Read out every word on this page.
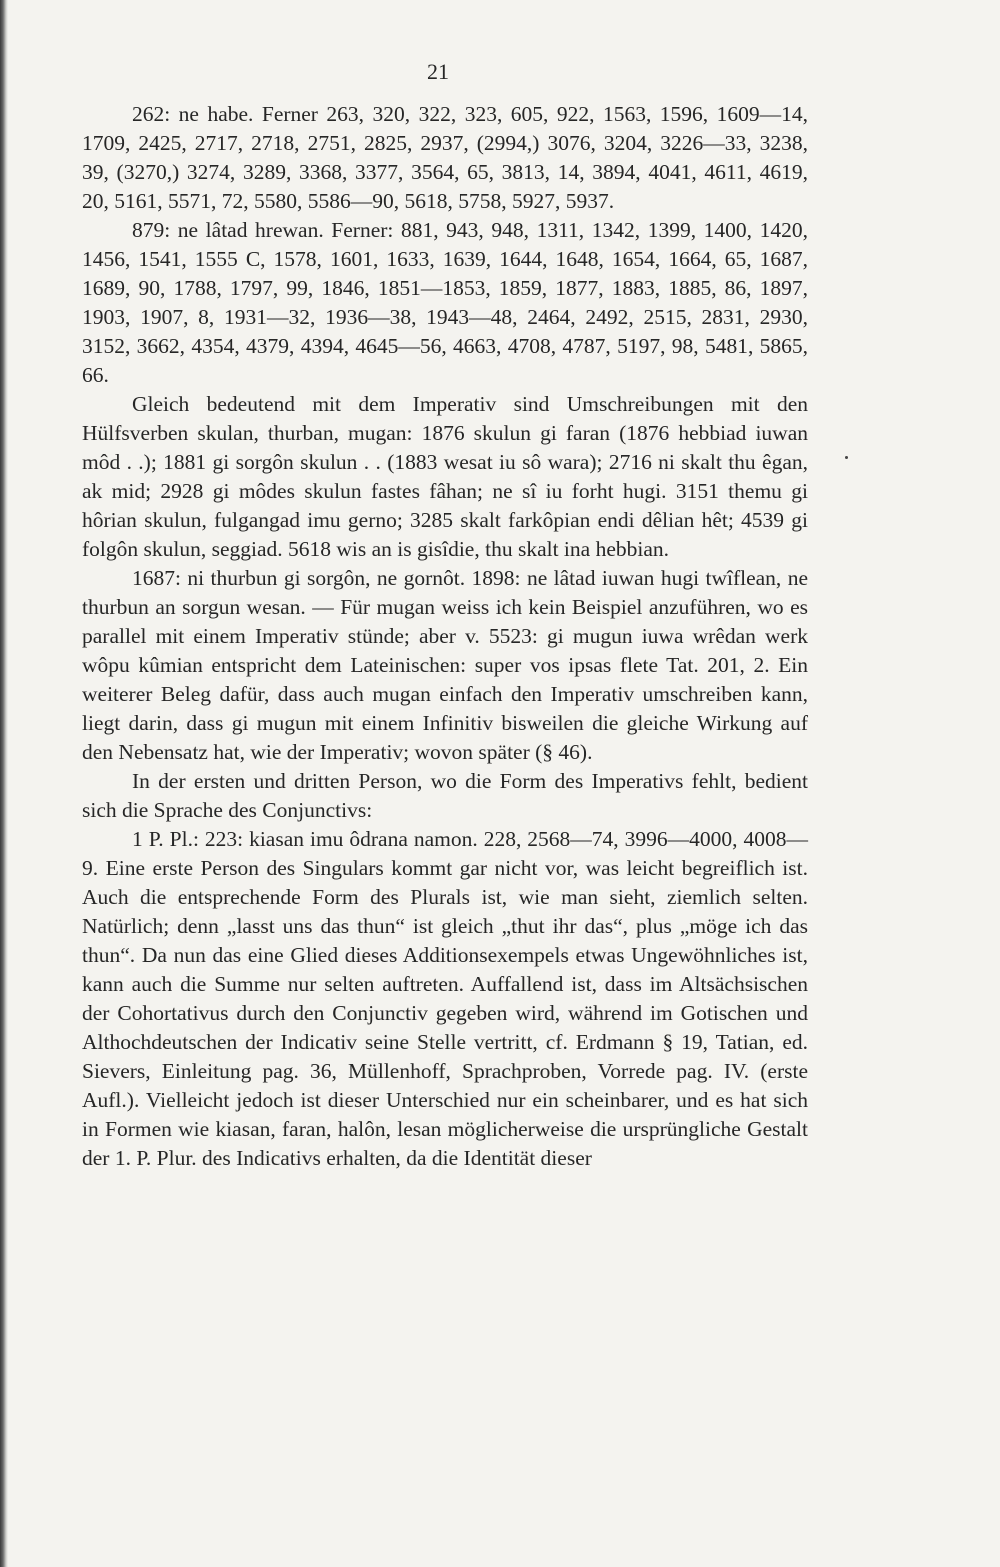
21

262: ne habe. Ferner 263, 320, 322, 323, 605, 922, 1563, 1596, 1609—14, 1709, 2425, 2717, 2718, 2751, 2825, 2937, (2994,) 3076, 3204, 3226—33, 3238, 39, (3270,) 3274, 3289, 3368, 3377, 3564, 65, 3813, 14, 3894, 4041, 4611, 4619, 20, 5161, 5571, 72, 5580, 5586—90, 5618, 5758, 5927, 5937.

879: ne lâtad hrewan. Ferner: 881, 943, 948, 1311, 1342, 1399, 1400, 1420, 1456, 1541, 1555 C, 1578, 1601, 1633, 1639, 1644, 1648, 1654, 1664, 65, 1687, 1689, 90, 1788, 1797, 99, 1846, 1851—1853, 1859, 1877, 1883, 1885, 86, 1897, 1903, 1907, 8, 1931—32, 1936—38, 1943—48, 2464, 2492, 2515, 2831, 2930, 3152, 3662, 4354, 4379, 4394, 4645—56, 4663, 4708, 4787, 5197, 98, 5481, 5865, 66.

Gleich bedeutend mit dem Imperativ sind Umschreibungen mit den Hülfsverben skulan, thurban, mugan: 1876 skulun gi faran (1876 hebbiad iuwan môd . .); 1881 gi sorgôn skulun . . (1883 wesat iu sô wara); 2716 ni skalt thu êgan, ak mid; 2928 gi môdes skulun fastes fâhan; ne sî iu forht hugi. 3151 themu gi hôrian skulun, fulgangad imu gerno; 3285 skalt farkôpian endi dêlian hêt; 4539 gi folgôn skulun, seggiad. 5618 wis an is gisîdie, thu skalt ina hebbian.

1687: ni thurbun gi sorgôn, ne gornôt. 1898: ne lâtad iuwan hugi twîflean, ne thurbun an sorgun wesan. — Für mugan weiss ich kein Beispiel anzuführen, wo es parallel mit einem Imperativ stünde; aber v. 5523: gi mugun iuwa wrêdan werk wôpu kûmian entspricht dem Lateinischen: super vos ipsas flete Tat. 201, 2. Ein weiterer Beleg dafür, dass auch mugan einfach den Imperativ umschreiben kann, liegt darin, dass gi mugun mit einem Infinitiv bisweilen die gleiche Wirkung auf den Nebensatz hat, wie der Imperativ; wovon später (§ 46).

In der ersten und dritten Person, wo die Form des Imperativs fehlt, bedient sich die Sprache des Conjunctivs:

1 P. Pl.: 223: kiasan imu ôdrana namon. 228, 2568—74, 3996—4000, 4008—9. Eine erste Person des Singulars kommt gar nicht vor, was leicht begreiflich ist. Auch die entsprechende Form des Plurals ist, wie man sieht, ziemlich selten. Natürlich; denn „lasst uns das thun“ ist gleich „thut ihr das“, plus „möge ich das thun“. Da nun das eine Glied dieses Additionsexempels etwas Ungewöhnliches ist, kann auch die Summe nur selten auftreten. Auffallend ist, dass im Altsächsischen der Cohortativus durch den Conjunctiv gegeben wird, während im Gotischen und Althochdeutschen der Indicativ seine Stelle vertritt, cf. Erdmann § 19, Tatian, ed. Sievers, Einleitung pag. 36, Müllenhoff, Sprachproben, Vorrede pag. IV. (erste Aufl.). Vielleicht jedoch ist dieser Unterschied nur ein scheinbarer, und es hat sich in Formen wie kiasan, faran, halôn, lesan möglicherweise die ursprüngliche Gestalt der 1. P. Plur. des Indicativs erhalten, da die Identität dieser
